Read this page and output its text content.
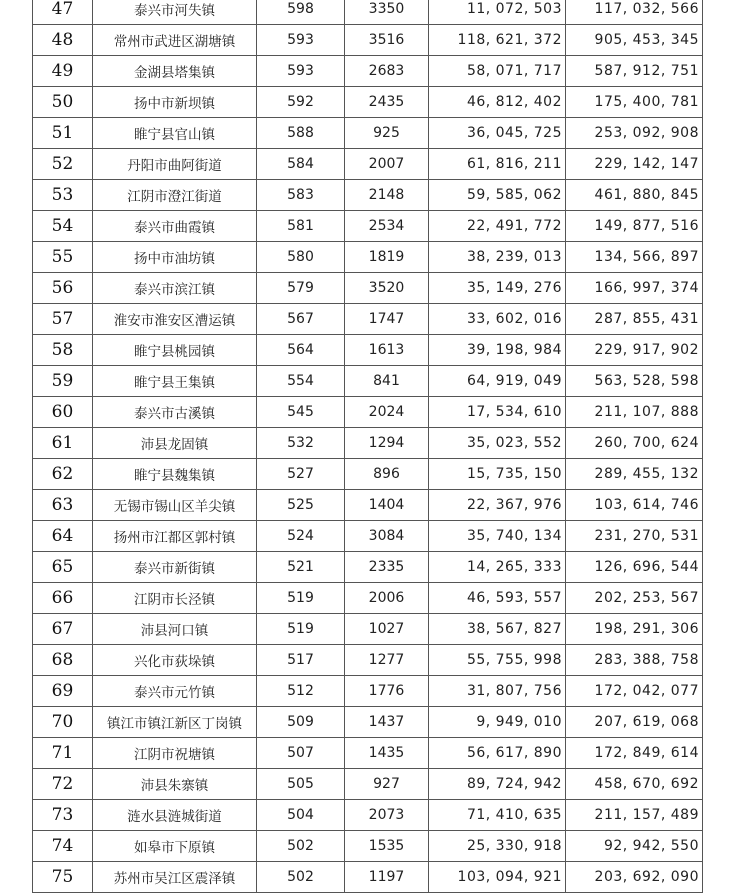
47	泰兴市河失镇	598	3350	11, 072, 503	117, 032, 566
48	常州市武进区湖塘镇	593	3516	118, 621, 372	905, 453, 345
49	金湖县塔集镇	593	2683	58, 071, 717	587, 912, 751
50	扬中市新坝镇	592	2435	46, 812, 402	175, 400, 781
51	睢宁县官山镇	588	925	36, 045, 725	253, 092, 908
52	丹阳市曲阿街道	584	2007	61, 816, 211	229, 142, 147
53	江阴市澄江街道	583	2148	59, 585, 062	461, 880, 845
54	泰兴市曲霞镇	581	2534	22, 491, 772	149, 877, 516
55	扬中市油坊镇	580	1819	38, 239, 013	134, 566, 897
56	泰兴市滨江镇	579	3520	35, 149, 276	166, 997, 374
57	淮安市淮安区漕运镇	567	1747	33, 602, 016	287, 855, 431
58	睢宁县桃园镇	564	1613	39, 198, 984	229, 917, 902
59	睢宁县王集镇	554	841	64, 919, 049	563, 528, 598
60	泰兴市古溪镇	545	2024	17, 534, 610	211, 107, 888
61	沛县龙固镇	532	1294	35, 023, 552	260, 700, 624
62	睢宁县魏集镇	527	896	15, 735, 150	289, 455, 132
63	无锡市锡山区羊尖镇	525	1404	22, 367, 976	103, 614, 746
64	扬州市江都区郭村镇	524	3084	35, 740, 134	231, 270, 531
65	泰兴市新街镇	521	2335	14, 265, 333	126, 696, 544
66	江阴市长泾镇	519	2006	46, 593, 557	202, 253, 567
67	沛县河口镇	519	1027	38, 567, 827	198, 291, 306
68	兴化市荻垛镇	517	1277	55, 755, 998	283, 388, 758
69	泰兴市元竹镇	512	1776	31, 807, 756	172, 042, 077
70	镇江市镇江新区丁岗镇	509	1437	9, 949, 010	207, 619, 068
71	江阴市祝塘镇	507	1435	56, 617, 890	172, 849, 614
72	沛县朱寨镇	505	927	89, 724, 942	458, 670, 692
73	涟水县涟城街道	504	2073	71, 410, 635	211, 157, 489
74	如皋市下原镇	502	1535	25, 330, 918	92, 942, 550
75	苏州市吴江区震泽镇	502	1197	103, 094, 921	203, 692, 090
